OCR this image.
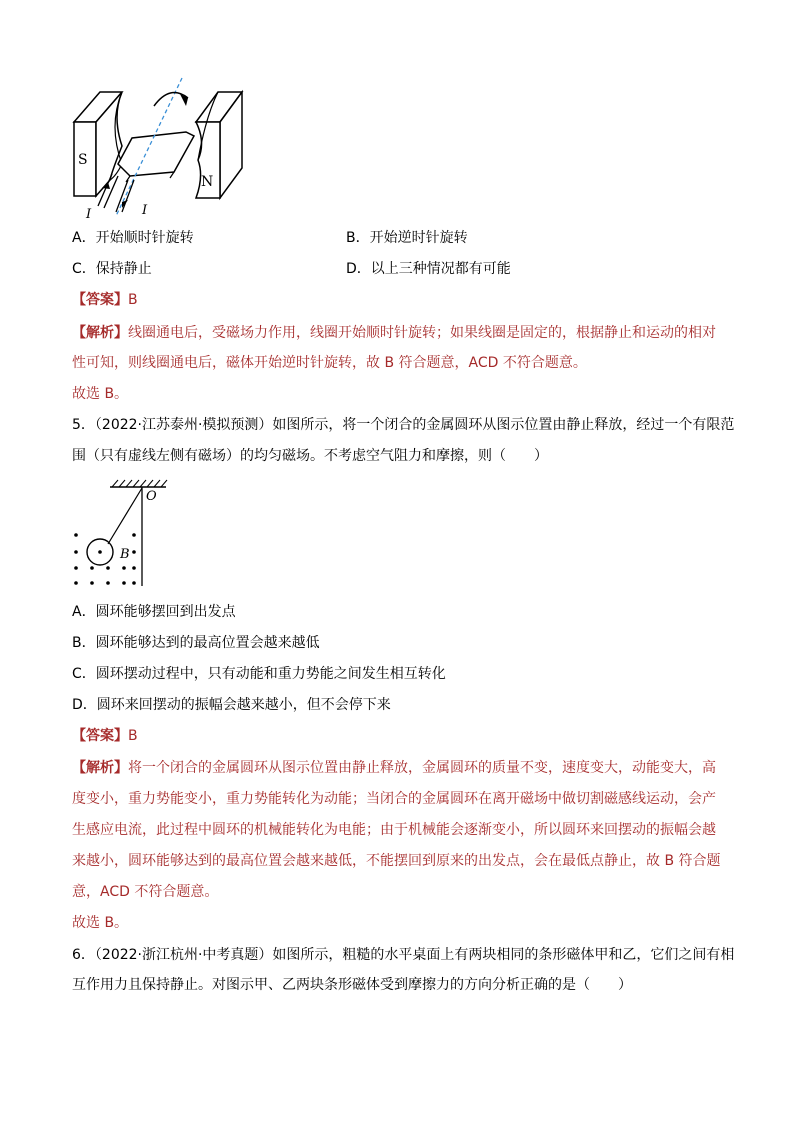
S
N
I	I
A．开始顺时针旋转	B．开始逆时针旋转
C．保持静止	D．以上三种情况都有可能
【答案】B
【解析】线圈通电后，受磁场力作用，线圈开始顺时针旋转；如果线圈是固定的，根据静止和运动的相对
性可知，则线圈通电后，磁体开始逆时针旋转，故 B 符合题意，ACD 不符合题意。
故选 B。
5．（2022·江苏泰州·模拟预测）如图所示，将一个闭合的金属圆环从图示位置由静止释放，经过一个有限范
围（只有虚线左侧有磁场）的均匀磁场。不考虑空气阻力和摩擦，则（　　）
O
B
A．圆环能够摆回到出发点
B．圆环能够达到的最高位置会越来越低
C．圆环摆动过程中，只有动能和重力势能之间发生相互转化
D．圆环来回摆动的振幅会越来越小，但不会停下来
【答案】B
【解析】将一个闭合的金属圆环从图示位置由静止释放，金属圆环的质量不变，速度变大，动能变大，高
度变小，重力势能变小，重力势能转化为动能；当闭合的金属圆环在离开磁场中做切割磁感线运动，会产
生感应电流，此过程中圆环的机械能转化为电能；由于机械能会逐渐变小，所以圆环来回摆动的振幅会越
来越小，圆环能够达到的最高位置会越来越低，不能摆回到原来的出发点，会在最低点静止，故 B 符合题
意，ACD 不符合题意。
故选 B。
6．（2022·浙江杭州·中考真题）如图所示，粗糙的水平桌面上有两块相同的条形磁体甲和乙，它们之间有相
互作用力且保持静止。对图示甲、乙两块条形磁体受到摩擦力的方向分析正确的是（　　）
